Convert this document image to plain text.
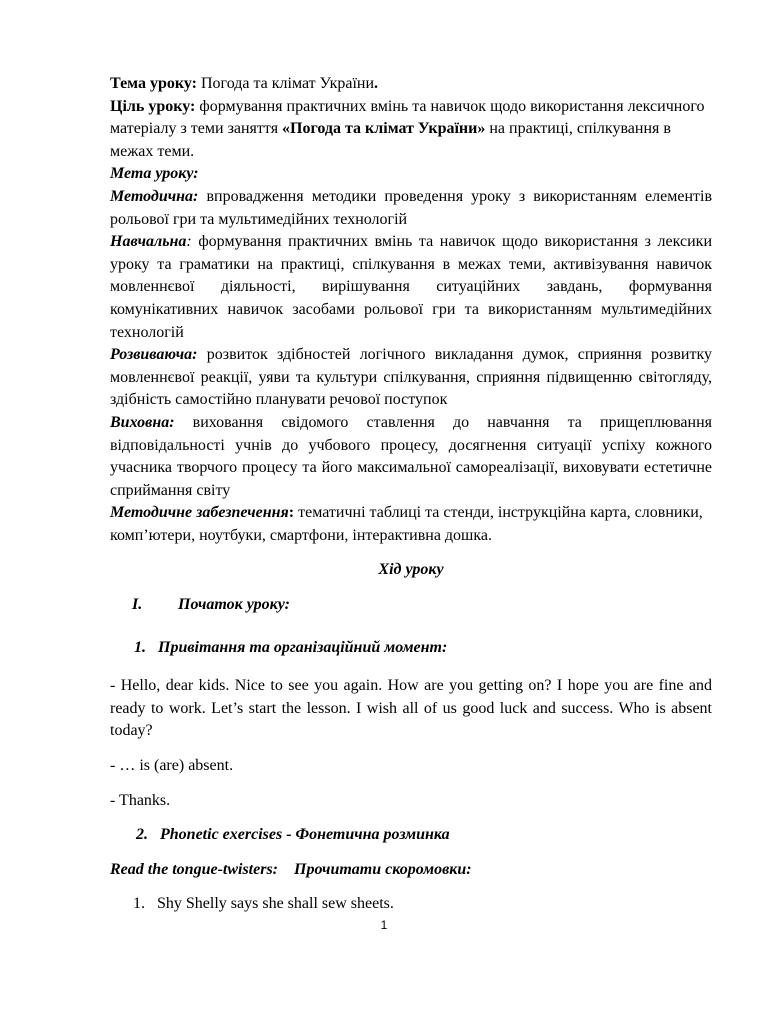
Тема уроку: Погода та клімат України.

Ціль уроку: формування практичних вмінь та навичок щодо використання лексичного матеріалу з теми заняття «Погода та клімат України» на практиці, спілкування в межах теми.

Мета уроку:

Методична: впровадження методики проведення уроку з використанням елементів рольової гри та мультимедійних технологій

Навчальна: формування практичних вмінь та навичок щодо використання з лексики уроку та граматики на практиці, спілкування в межах теми, активізування навичок мовленнєвої діяльності, вирішування ситуаційних завдань, формування комунікативних навичок засобами рольової гри та використанням мультимедійних технологій

Розвиваюча: розвиток здібностей логічного викладання думок, сприяння розвитку мовленнєвої реакції, уяви та культури спілкування, сприяння підвищенню світогляду, здібність самостійно планувати речової поступок

Виховна: виховання свідомого ставлення до навчання та прищеплювання відповідальності учнів до учбового процесу, досягнення ситуації успіху кожного учасника творчого процесу та його максимальної самореалізації, виховувати естетичне сприймання світу

Методичне забезпечення: тематичні таблиці та стенди, інструкційна карта, словники, комп’ютери, ноутбуки, смартфони, інтерактивна дошка.

Хід уроку

I.	Початок уроку:
1. Привітання та організаційний момент:

- Hello, dear kids. Nice to see you again. How are you getting on? I hope you are fine and ready to work. Let’s start the lesson. I wish all of us good luck and success. Who is absent today?

- … is (are) absent.

- Thanks.

2. Phonetic exercises - Фонетична розминка

Read the tongue-twisters:    Прочитати скоромовки:

1. Shy Shelly says she shall sew sheets.
1
